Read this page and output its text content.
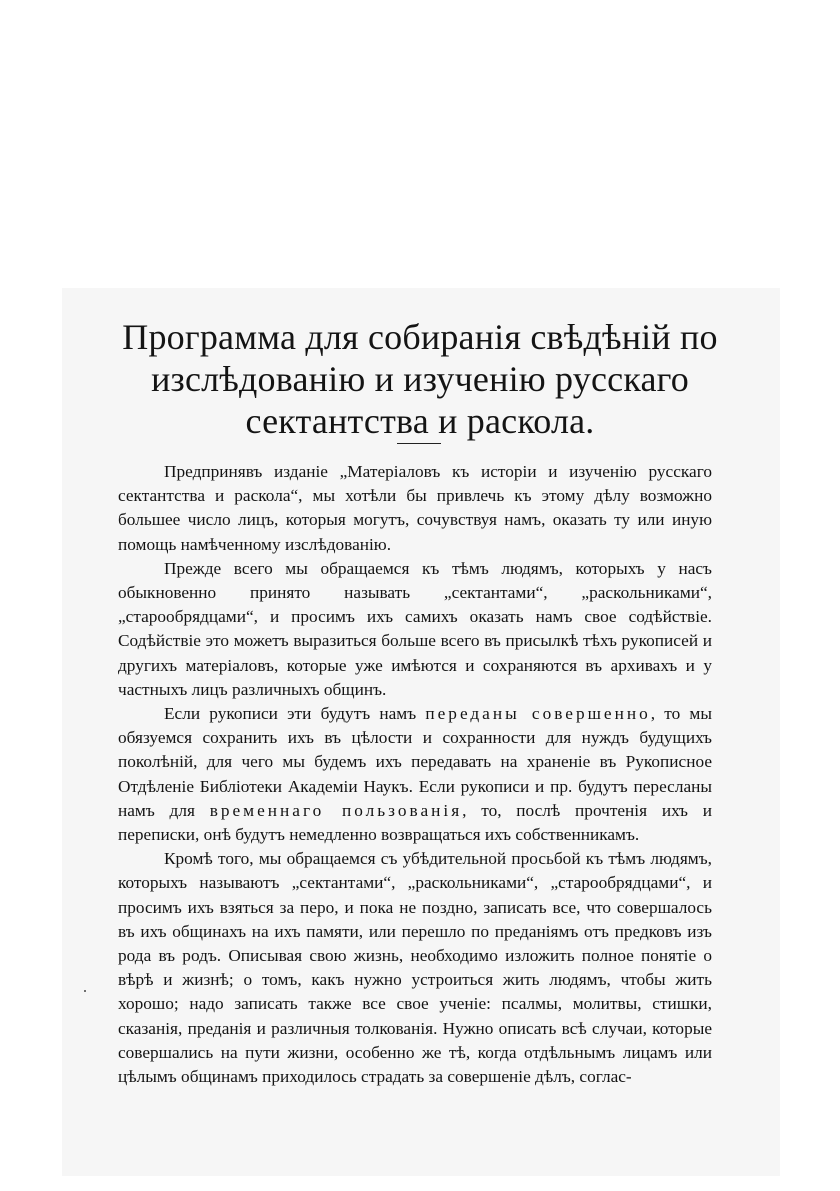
Программа для собиранія свѣдѣній по изслѣдованію и изученію русскаго сектантства и раскола.

Предпринявъ изданіе „Матеріаловъ къ исторіи и изученію русскаго сектантства и раскола“, мы хотѣли бы привлечь къ этому дѣлу возможно большее число лицъ, которыя могутъ, сочувствуя намъ, оказать ту или иную помощь намѣченному изслѣдованію.

Прежде всего мы обращаемся къ тѣмъ людямъ, которыхъ у насъ обыкновенно принято называть „сектантами“, „раскольниками“, „старообрядцами“, и просимъ ихъ самихъ оказать намъ свое содѣйствіе. Содѣйствіе это можетъ выразиться больше всего въ присылкѣ тѣхъ рукописей и другихъ матеріаловъ, которые уже имѣются и сохраняются въ архивахъ и у частныхъ лицъ различныхъ общинъ.

Если рукописи эти будутъ намъ переданы совершенно, то мы обязуемся сохранить ихъ въ цѣлости и сохранности для нуждъ будущихъ поколѣній, для чего мы будемъ ихъ передавать на храненіе въ Рукописное Отдѣленіе Библіотеки Академіи Наукъ. Если рукописи и пр. будутъ пересланы намъ для временнаго пользованія, то, послѣ прочтенія ихъ и переписки, онѣ будутъ немедленно возвращаться ихъ собственникамъ.

Кромѣ того, мы обращаемся съ убѣдительной просьбой къ тѣмъ людямъ, которыхъ называютъ „сектантами“, „раскольниками“, „старообрядцами“, и просимъ ихъ взяться за перо, и пока не поздно, записать все, что совершалось въ ихъ общинахъ на ихъ памяти, или перешло по преданіямъ отъ предковъ изъ рода въ родъ. Описывая свою жизнь, необходимо изложить полное понятіе о вѣрѣ и жизнѣ; о томъ, какъ нужно устроиться жить людямъ, чтобы жить хорошо; надо записать также все свое ученіе: псалмы, молитвы, стишки, сказанія, преданія и различныя толкованія. Нужно описать всѣ случаи, которые совершались на пути жизни, особенно же тѣ, когда отдѣльнымъ лицамъ или цѣлымъ общинамъ приходилось страдать за совершеніе дѣлъ, соглас-
